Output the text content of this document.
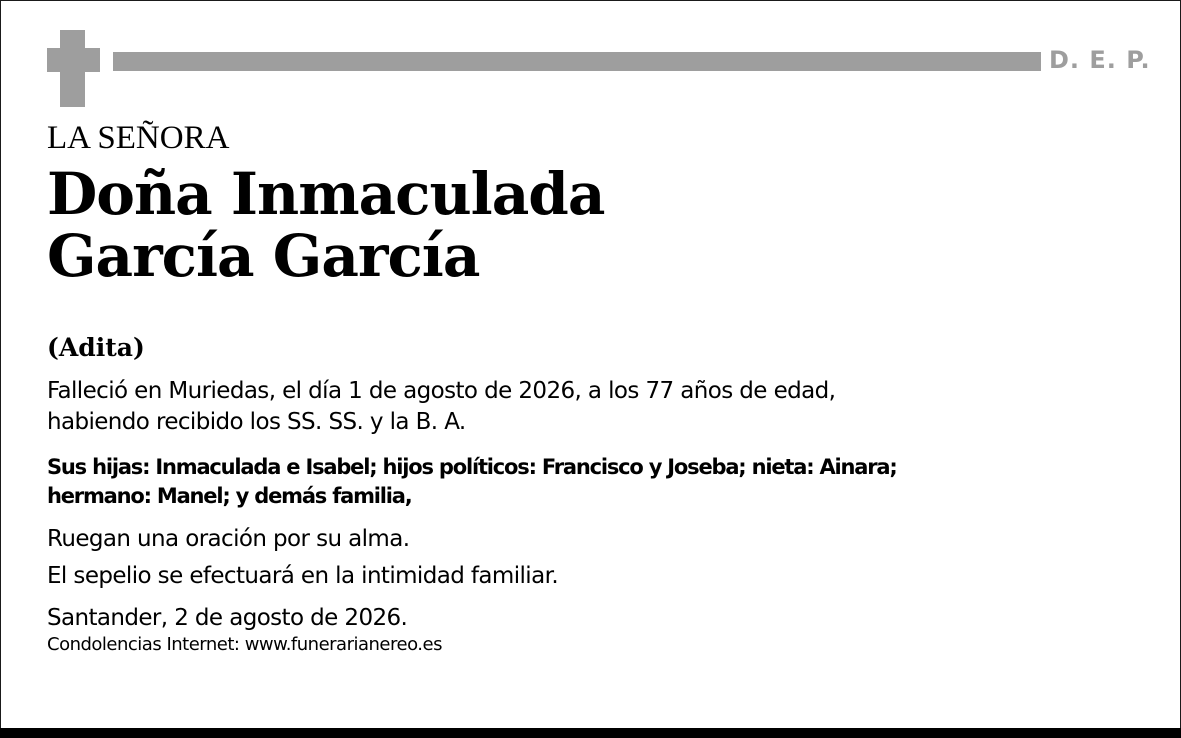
D. E. P.
LA SEÑORA
Doña Inmaculada
García García
(Adita)
Falleció en Muriedas, el día 1 de agosto de 2026, a los 77 años de edad,
habiendo recibido los SS. SS. y la B. A.
Sus hijas: Inmaculada e Isabel; hijos políticos: Francisco y Joseba; nieta: Ainara;
hermano: Manel; y demás familia,
Ruegan una oración por su alma.
El sepelio se efectuará en la intimidad familiar.
Santander, 2 de agosto de 2026.
Condolencias Internet: www.funerarianereo.es
